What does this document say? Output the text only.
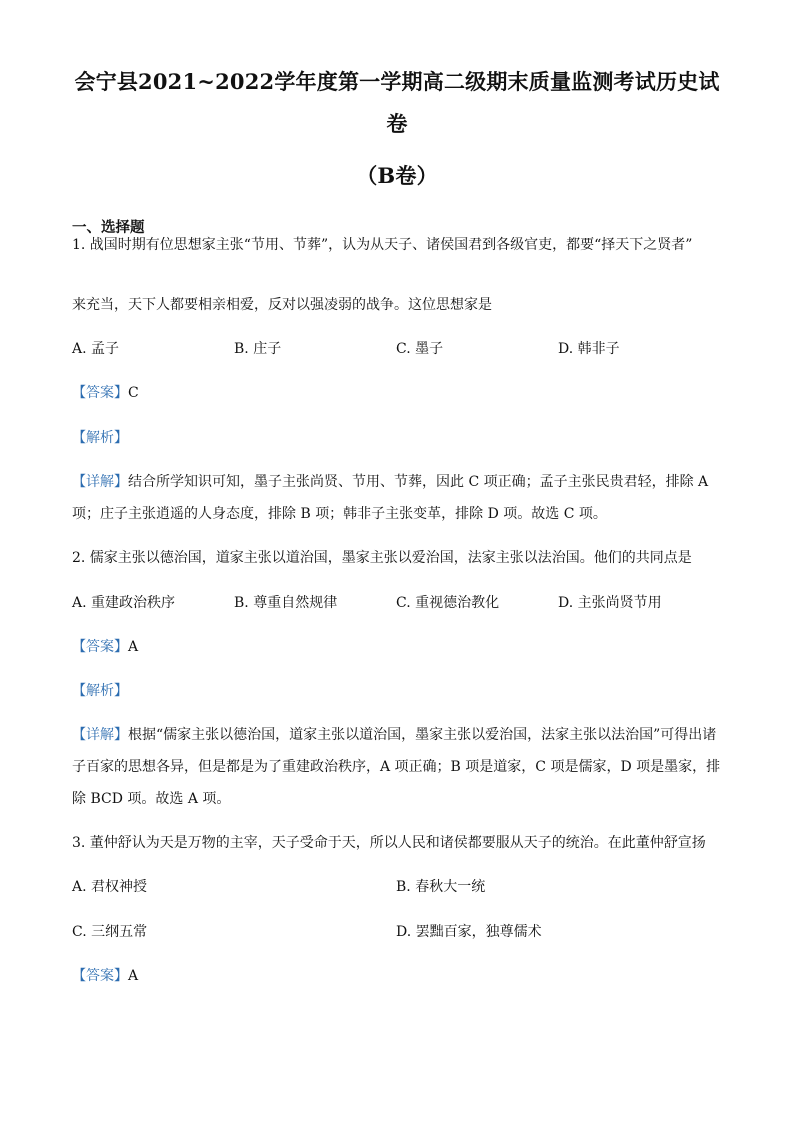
会宁县2021~2022学年度第一学期高二级期末质量监测考试历史试
卷
（B卷）
一、选择题
1. 战国时期有位思想家主张“节用、节葬”，认为从天子、诸侯国君到各级官吏，都要“择天下之贤者”
来充当，天下人都要相亲相爱，反对以强凌弱的战争。这位思想家是
A. 孟子	B. 庄子	C. 墨子	D. 韩非子
【答案】C
【解析】
【详解】结合所学知识可知，墨子主张尚贤、节用、节葬，因此 C 项正确；孟子主张民贵君轻，排除 A
项；庄子主张逍遥的人身态度，排除 B 项；韩非子主张变革，排除 D 项。故选 C 项。
2. 儒家主张以德治国，道家主张以道治国，墨家主张以爱治国，法家主张以法治国。他们的共同点是
A. 重建政治秩序	B. 尊重自然规律	C. 重视德治教化	D. 主张尚贤节用
【答案】A
【解析】
【详解】根据“儒家主张以德治国，道家主张以道治国，墨家主张以爱治国，法家主张以法治国”可得出诸
子百家的思想各异，但是都是为了重建政治秩序，A 项正确；B 项是道家，C 项是儒家，D 项是墨家，排
除 BCD 项。故选 A 项。
3. 董仲舒认为天是万物的主宰，天子受命于天，所以人民和诸侯都要服从天子的统治。在此董仲舒宣扬
A. 君权神授	B. 春秋大一统
C. 三纲五常	D. 罢黜百家，独尊儒术
【答案】A
